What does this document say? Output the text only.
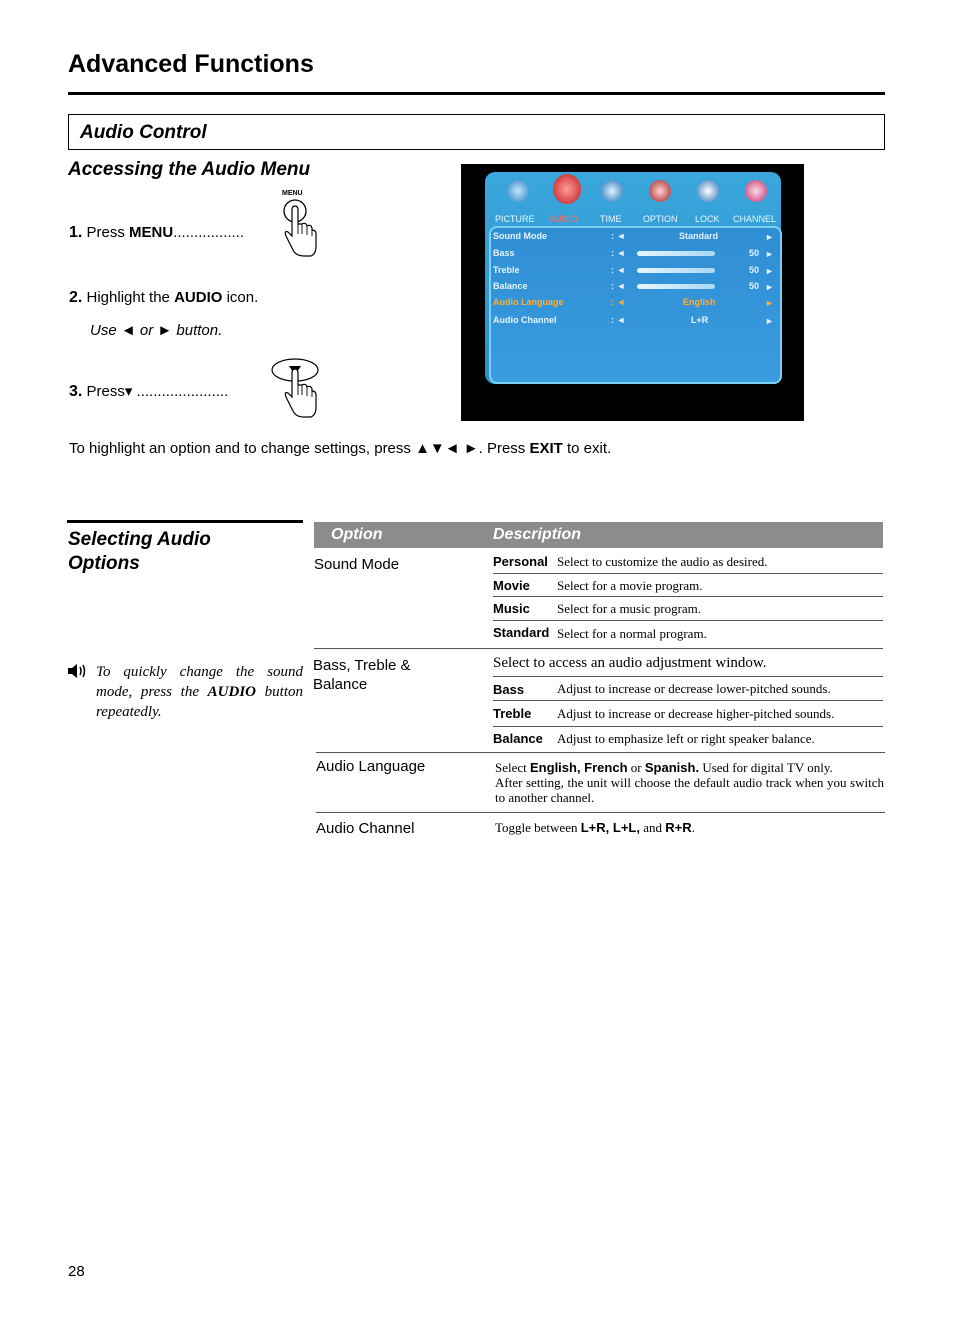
Advanced Functions
Audio Control
Accessing the Audio Menu
MENU
1. Press MENU.................
2. Highlight the AUDIO icon.
Use ◄ or ► button.
3. Press▾ ......................
PICTURE AUDIO TIME OPTION LOCK CHANNEL
Sound Mode	: ◄	Standard	►
Bass	: ◄	50 ►
Treble	: ◄	50 ►
Balance	: ◄	50 ►
Audio Language	: ◄	English	►
Audio Channel	: ◄	L+R	►
To highlight an option and to change settings, press ▲▼◄ ►. Press EXIT to exit.
Selecting Audio
Options
To quickly change the sound mode, press the AUDIO button repeatedly.
Option	Description
Sound Mode	Personal Select to customize the audio as desired.
Movie Select for a movie program.
Music Select for a music program.
Standard Select for a normal program.
Bass, Treble &
Balance
Select to access an audio adjustment window.
Bass	Adjust to increase or decrease lower-pitched sounds.
Treble Adjust to increase or decrease higher-pitched sounds.
Balance Adjust to emphasize left or right speaker balance.
Audio Language	Select English, French or Spanish. Used for digital TV only.
After setting, the unit will choose the default audio track when you switch to another channel.
Audio Channel	Toggle between L+R, L+L, and R+R.
28
